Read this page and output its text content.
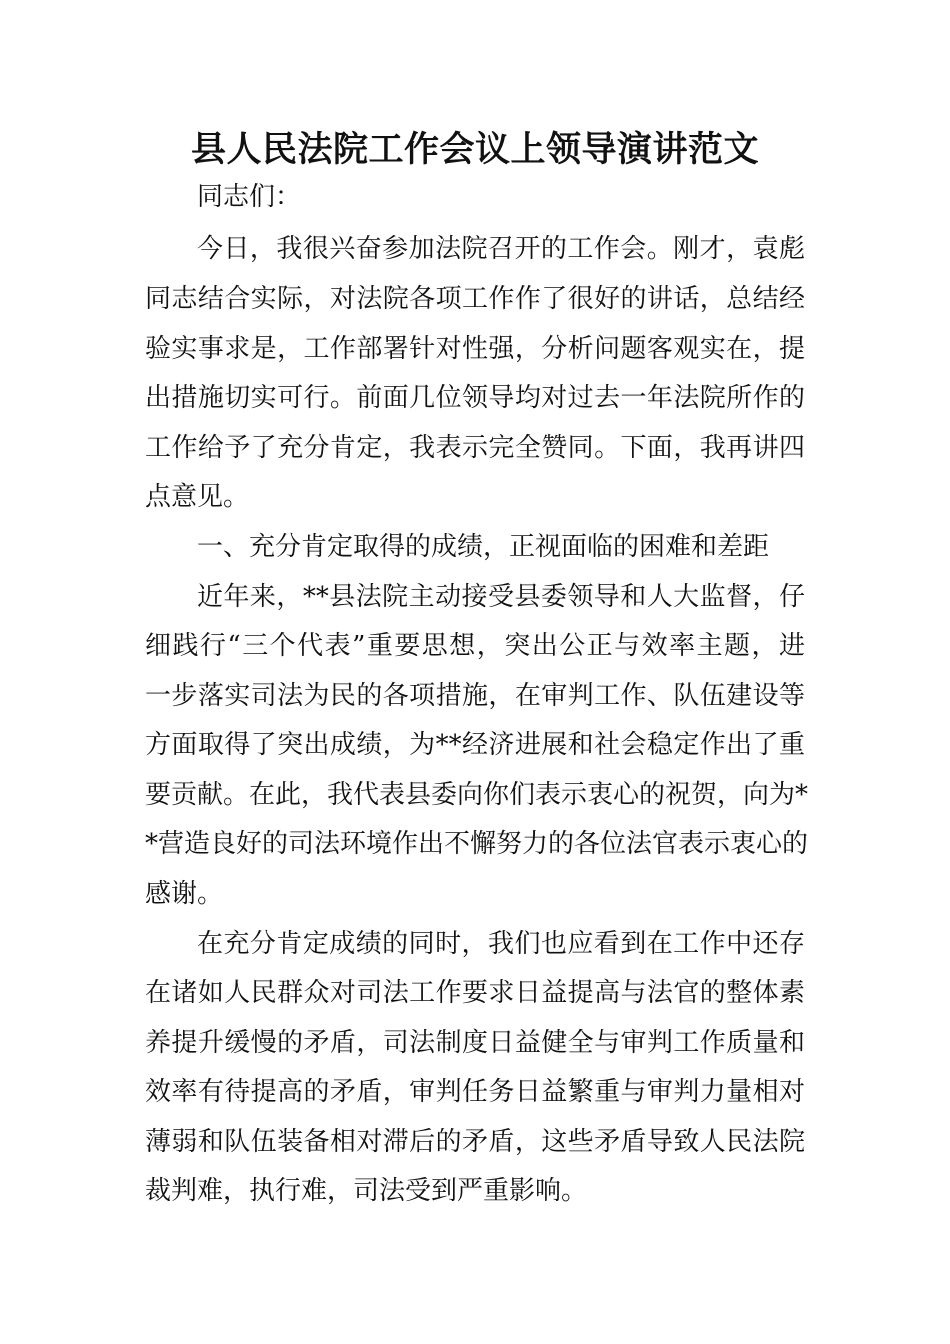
县人民法院工作会议上领导演讲范文

同志们：

今日，我很兴奋参加法院召开的工作会。刚才，袁彪

同志结合实际，对法院各项工作作了很好的讲话，总结经

验实事求是，工作部署针对性强，分析问题客观实在，提

出措施切实可行。前面几位领导均对过去一年法院所作的

工作给予了充分肯定，我表示完全赞同。下面，我再讲四

点意见。

一、充分肯定取得的成绩，正视面临的困难和差距

近年来，**县法院主动接受县委领导和人大监督，仔

细践行“三个代表”重要思想，突出公正与效率主题，进

一步落实司法为民的各项措施，在审判工作、队伍建设等

方面取得了突出成绩，为**经济进展和社会稳定作出了重

要贡献。在此，我代表县委向你们表示衷心的祝贺，向为*

*营造良好的司法环境作出不懈努力的各位法官表示衷心的

感谢。

在充分肯定成绩的同时，我们也应看到在工作中还存

在诸如人民群众对司法工作要求日益提高与法官的整体素

养提升缓慢的矛盾，司法制度日益健全与审判工作质量和

效率有待提高的矛盾，审判任务日益繁重与审判力量相对

薄弱和队伍装备相对滞后的矛盾，这些矛盾导致人民法院

裁判难，执行难，司法受到严重影响。
